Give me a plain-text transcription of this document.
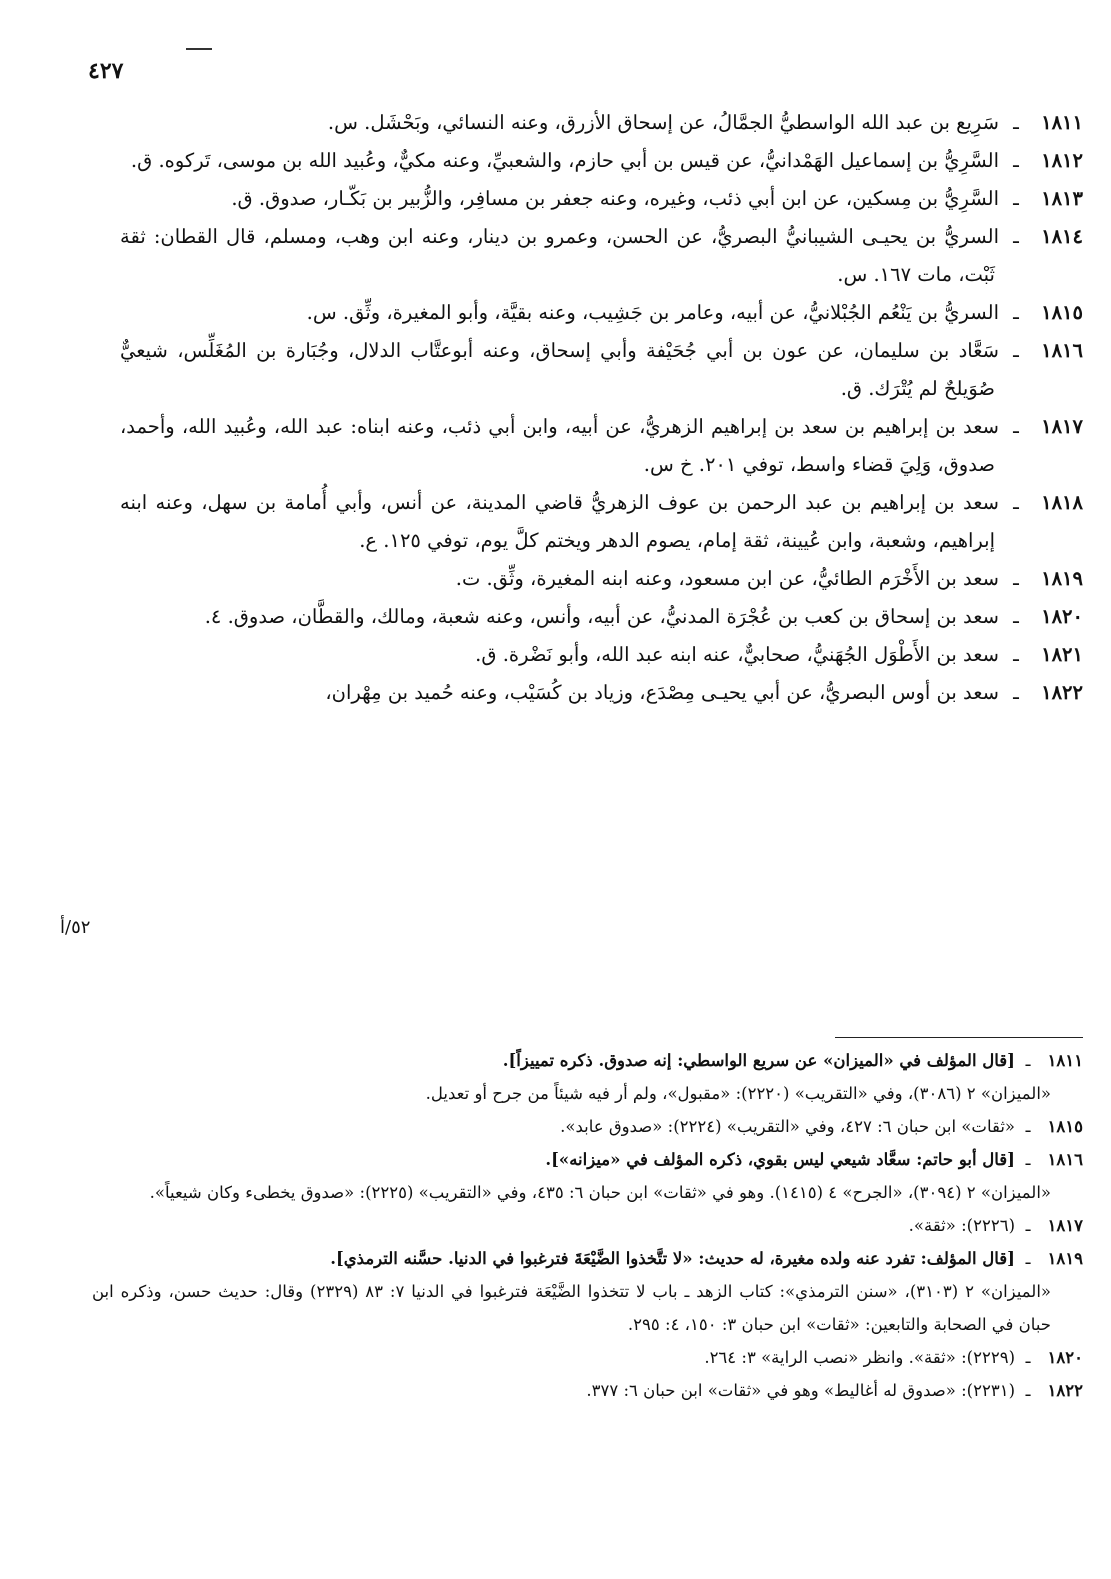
٤٢٧
٥٢/أ

١٨١١ـسَرِيع بن عبد الله الواسطيُّ الجمَّالُ، عن إسحاق الأزرق، وعنه النسائي، وبَحْشَل. س.

١٨١٢ـالسَّرِيُّ بن إسماعيل الهَمْدانيُّ، عن قيس بن أبي حازم، والشعبيِّ، وعنه مكيٌّ، وعُبيد الله بن موسى، تَركوه. ق.

١٨١٣ـالسَّرِيُّ بن مِسكين، عن ابن أبي ذئب، وغيره، وعنه جعفر بن مسافِر، والزُّبير بن بَكّـار، صدوق. ق.

١٨١٤ـالسريُّ بن يحيـى الشيبانيُّ البصريُّ، عن الحسن، وعمرو بن دينار، وعنه ابن وهب، ومسلم، قال القطان: ثقة ثَبْت، مات ١٦٧. س.

١٨١٥ـالسريُّ بن يَنْعُم الجُبْلانيُّ، عن أبيه، وعامر بن جَشِيب، وعنه بقيَّة، وأبو المغيرة، وثِّق. س.

١٨١٦ـسَعَّاد بن سليمان، عن عون بن أبي جُحَيْفة وأبي إسحاق، وعنه أبوعتَّاب الدلال، وجُبَارة بن المُغَلِّس، شيعيٌّ صُوَيلحٌ لم يُتْرَك. ق.

١٨١٧ـسعد بن إبراهيم بن سعد بن إبراهيم الزهريُّ، عن أبيه، وابن أبي ذئب، وعنه ابناه: عبد الله، وعُبيد الله، وأحمد، صدوق، وَلِيَ قضاء واسط، توفي ٢٠١. خ س.

١٨١٨ـسعد بن إبراهيم بن عبد الرحمن بن عوف الزهريُّ قاضي المدينة، عن أنس، وأبي أُمامة بن سهل، وعنه ابنه إبراهيم، وشعبة، وابن عُيينة، ثقة إمام، يصوم الدهر ويختم كلَّ يوم، توفي ١٢٥. ع.

١٨١٩ـسعد بن الأَخْرَم الطائيُّ، عن ابن مسعود، وعنه ابنه المغيرة، وثِّق. ت.

١٨٢٠ـسعد بن إسحاق بن كعب بن عُجْرَة المدنيُّ، عن أبيه، وأنس، وعنه شعبة، ومالك، والقطَّان، صدوق. ٤.

١٨٢١ـسعد بن الأَطْوَل الجُهَنيُّ، صحابيٌّ، عنه ابنه عبد الله، وأبو نَضْرة. ق.

١٨٢٢ـسعد بن أوس البصريُّ، عن أبي يحيـى مِصْدَع، وزياد بن كُسَيْب، وعنه حُميد بن مِهْران،

١٨١١ـ[قال المؤلف في «الميزان» عن سريع الواسطي: إنه صدوق. ذكره تمييزاً].
«الميزان» ٢ (٣٠٨٦)، وفي «التقريب» (٢٢٢٠): «مقبول»، ولم أر فيه شيئاً من جرح أو تعديل.

١٨١٥ـ«ثقات» ابن حبان ٦: ٤٢٧، وفي «التقريب» (٢٢٢٤): «صدوق عابد».

١٨١٦ـ[قال أبو حاتم: سعَّاد شيعي ليس بقوي، ذكره المؤلف في «ميزانه»].
«الميزان» ٢ (٣٠٩٤)، «الجرح» ٤ (١٤١٥). وهو في «ثقات» ابن حبان ٦: ٤٣٥، وفي «التقريب» (٢٢٢٥): «صدوق يخطىء وكان شيعياً».

١٨١٧ـ(٢٢٢٦): «ثقة».

١٨١٩ـ[قال المؤلف: تفرد عنه ولده مغيرة، له حديث: «لا تتَّخذوا الضَّيْعَةَ فترغبوا في الدنيا. حسَّنه الترمذي].
«الميزان» ٢ (٣١٠٣)، «سنن الترمذي»: كتاب الزهد ـ باب لا تتخذوا الضَّيْعَة فترغبوا في الدنيا ٧: ٨٣ (٢٣٢٩) وقال: حديث حسن، وذكره ابن حبان في الصحابة والتابعين: «ثقات» ابن حبان ٣: ١٥٠، ٤: ٢٩٥.

١٨٢٠ـ(٢٢٢٩): «ثقة». وانظر «نصب الراية» ٣: ٢٦٤.

١٨٢٢ـ(٢٢٣١): «صدوق له أغاليط» وهو في «ثقات» ابن حبان ٦: ٣٧٧.
